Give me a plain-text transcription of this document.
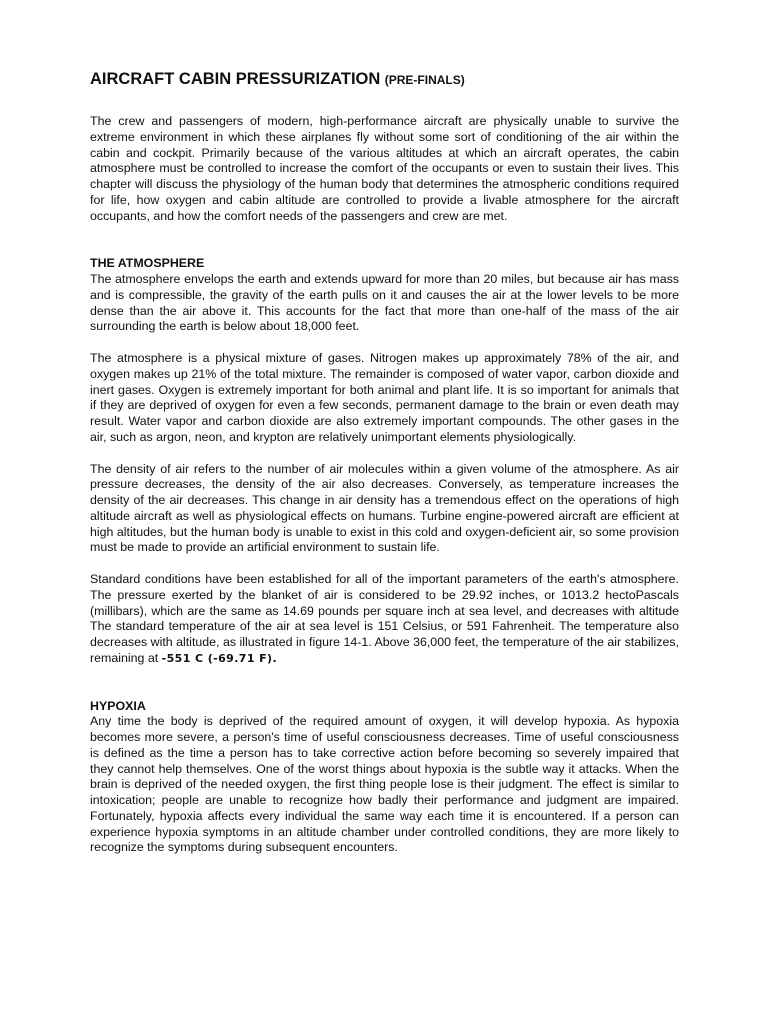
AIRCRAFT CABIN PRESSURIZATION (PRE-FINALS)

The crew and passengers of modern, high-performance aircraft are physically unable to survive the extreme environment in which these airplanes fly without some sort of conditioning of the air within the cabin and cockpit. Primarily because of the various altitudes at which an aircraft operates, the cabin atmosphere must be controlled to increase the comfort of the occupants or even to sustain their lives. This chapter will discuss the physiology of the human body that determines the atmospheric conditions required for life, how oxygen and cabin altitude are controlled to provide a livable atmosphere for the aircraft occupants, and how the comfort needs of the passengers and crew are met.

THE ATMOSPHERE

The atmosphere envelops the earth and extends upward for more than 20 miles, but because air has mass and is compressible, the gravity of the earth pulls on it and causes the air at the lower levels to be more dense than the air above it. This accounts for the fact that more than one-half of the mass of the air surrounding the earth is below about 18,000 feet.

The atmosphere is a physical mixture of gases. Nitrogen makes up approximately 78% of the air, and oxygen makes up 21% of the total mixture. The remainder is composed of water vapor, carbon dioxide and inert gases. Oxygen is extremely important for both animal and plant life. It is so important for animals that if they are deprived of oxygen for even a few seconds, permanent damage to the brain or even death may result. Water vapor and carbon dioxide are also extremely important compounds. The other gases in the air, such as argon, neon, and krypton are relatively unimportant elements physiologically.

The density of air refers to the number of air molecules within a given volume of the atmosphere. As air pressure decreases, the density of the air also decreases. Conversely, as temperature increases the density of the air decreases. This change in air density has a tremendous effect on the operations of high altitude aircraft as well as physiological effects on humans. Turbine engine-powered aircraft are efficient at high altitudes, but the human body is unable to exist in this cold and oxygen-deficient air, so some provision must be made to provide an artificial environment to sustain life.

Standard conditions have been established for all of the important parameters of the earth's atmosphere. The pressure exerted by the blanket of air is considered to be 29.92 inches, or 1013.2 hectoPascals (millibars), which are the same as 14.69 pounds per square inch at sea level, and decreases with altitude The standard temperature of the air at sea level is 151 Celsius, or 591 Fahrenheit. The temperature also decreases with altitude, as illustrated in figure 14-1. Above 36,000 feet, the temperature of the air stabilizes, remaining at -551 C (-69.71 F).

HYPOXIA

Any time the body is deprived of the required amount of oxygen, it will develop hypoxia. As hypoxia becomes more severe, a person's time of useful consciousness decreases. Time of useful consciousness is defined as the time a person has to take corrective action before becoming so severely impaired that they cannot help themselves. One of the worst things about hypoxia is the subtle way it attacks. When the brain is deprived of the needed oxygen, the first thing people lose is their judgment. The effect is similar to intoxication; people are unable to recognize how badly their performance and judgment are impaired. Fortunately, hypoxia affects every individual the same way each time it is encountered. If a person can experience hypoxia symptoms in an altitude chamber under controlled conditions, they are more likely to recognize the symptoms during subsequent encounters.
